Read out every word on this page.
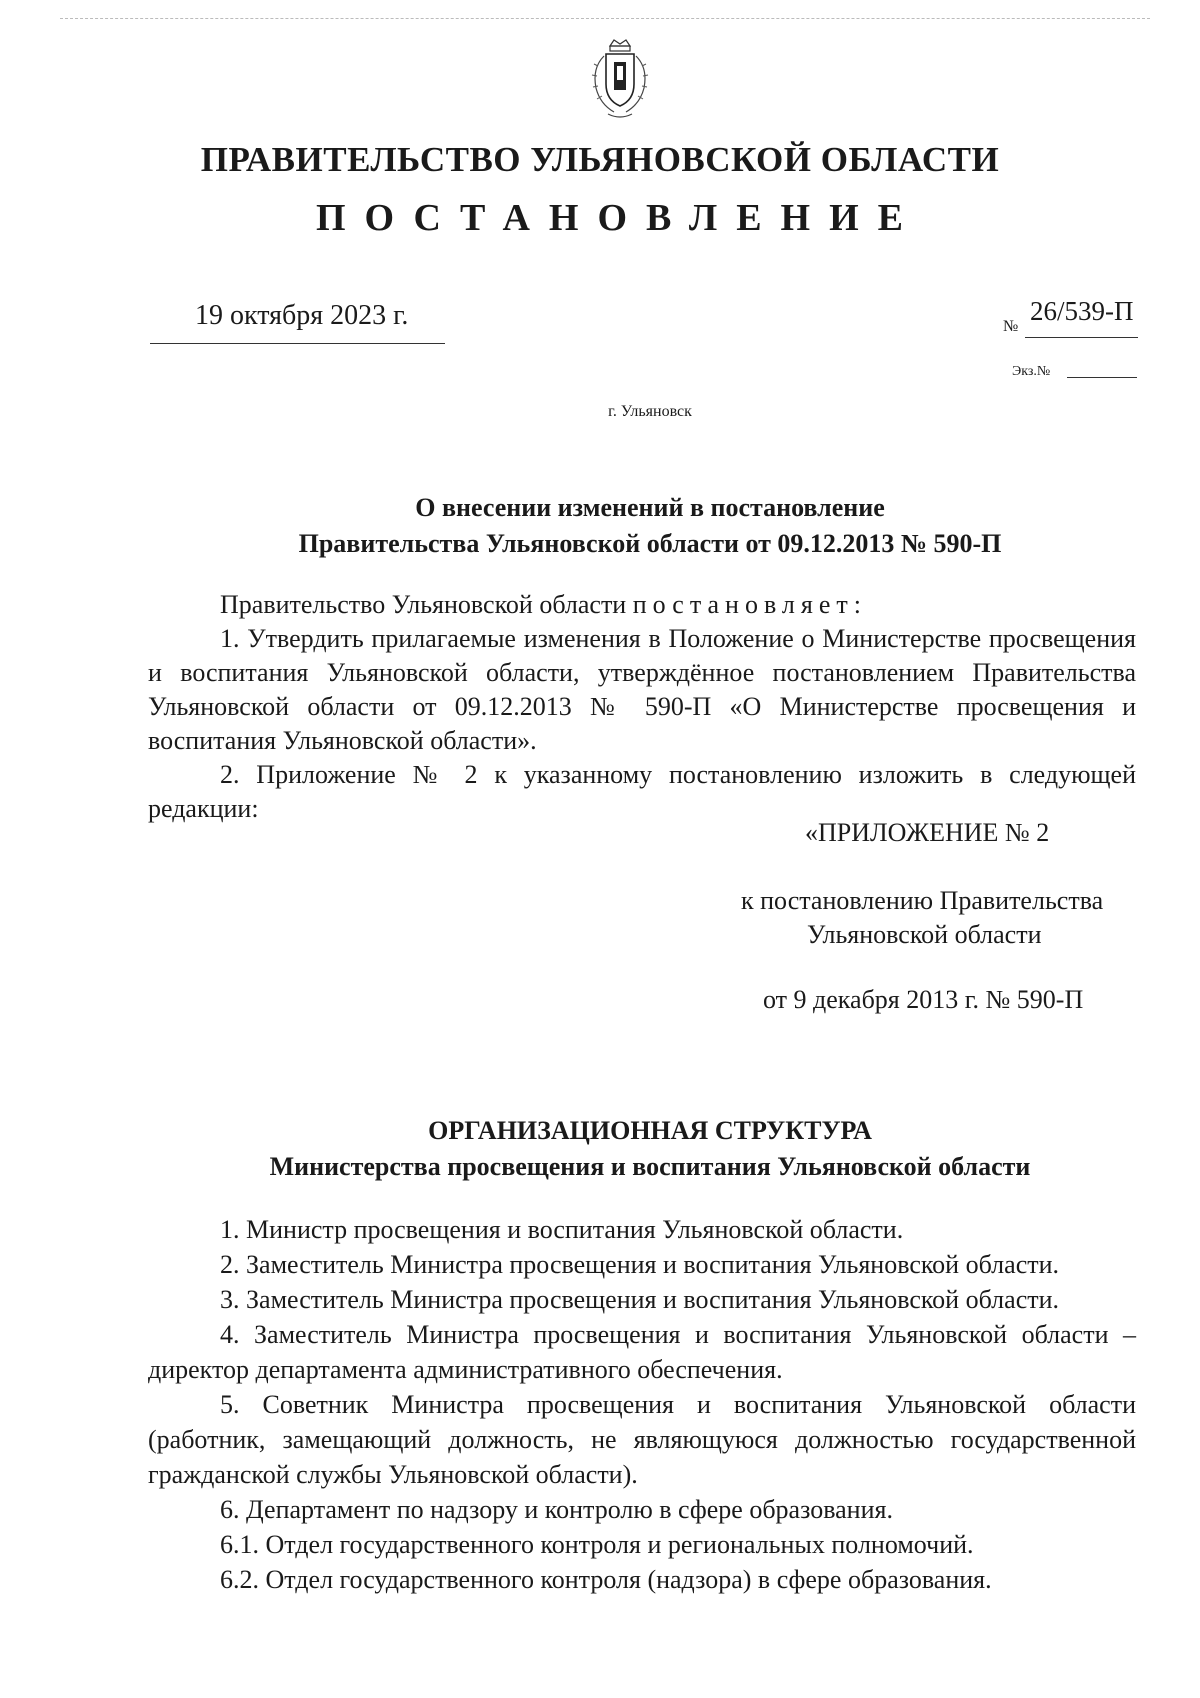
ПРАВИТЕЛЬСТВО УЛЬЯНОВСКОЙ ОБЛАСТИ
ПОСТАНОВЛЕНИЕ
19 октября 2023 г.	№
26/539-П
Экз.№
г. Ульяновск
О внесении изменений в постановление
Правительства Ульяновской области от 09.12.2013 № 590-П

Правительство Ульяновской области постановляет:

1. Утвердить прилагаемые изменения в Положение о Министерстве просвещения и воспитания Ульяновской области, утверждённое постановлением Правительства Ульяновской области от 09.12.2013 № 590-П «О Министерстве просвещения и воспитания Ульяновской области».

2. Приложение № 2 к указанному постановлению изложить в следующей редакции:

«ПРИЛОЖЕНИЕ № 2
к постановлению Правительства
Ульяновской области
от 9 декабря 2013 г. № 590-П
ОРГАНИЗАЦИОННАЯ СТРУКТУРА
Министерства просвещения и воспитания Ульяновской области

1. Министр просвещения и воспитания Ульяновской области.

2. Заместитель Министра просвещения и воспитания Ульяновской области.

3. Заместитель Министра просвещения и воспитания Ульяновской области.

4. Заместитель Министра просвещения и воспитания Ульяновской области – директор департамента административного обеспечения.

5. Советник Министра просвещения и воспитания Ульяновской области (работник, замещающий должность, не являющуюся должностью государственной гражданской службы Ульяновской области).

6. Департамент по надзору и контролю в сфере образования.

6.1. Отдел государственного контроля и региональных полномочий.

6.2. Отдел государственного контроля (надзора) в сфере образования.
